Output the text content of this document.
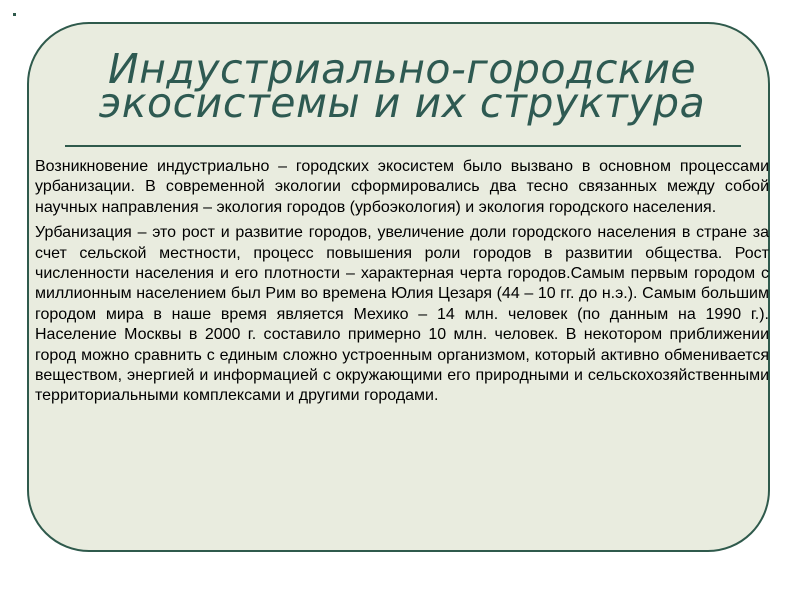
Индустриально-городские
экосистемы и их структура

Возникновение индустриально – городских экосистем было вызвано в основном процессами урбанизации. В современной экологии сформировались два тесно связанных между собой научных направления – экология городов (урбоэкология) и экология городского населения.

Урбанизация – это рост и развитие городов, увеличение доли городского населения в стране за счет сельской местности, процесс повышения роли городов в развитии общества. Рост численности населения и его плотности – характерная черта городов.Самым первым городом с миллионным населением был Рим во времена Юлия Цезаря (44 – 10 гг. до н.э.). Самым большим городом мира в наше время является Мехико – 14 млн. человек (по данным на 1990 г.). Население Москвы в 2000 г. составило примерно 10 млн. человек. В некотором приближении город можно сравнить с единым сложно устроенным организмом, который активно обменивается веществом, энергией и информацией с окружающими его природными и сельскохозяйственными территориальными комплексами и другими городами.
